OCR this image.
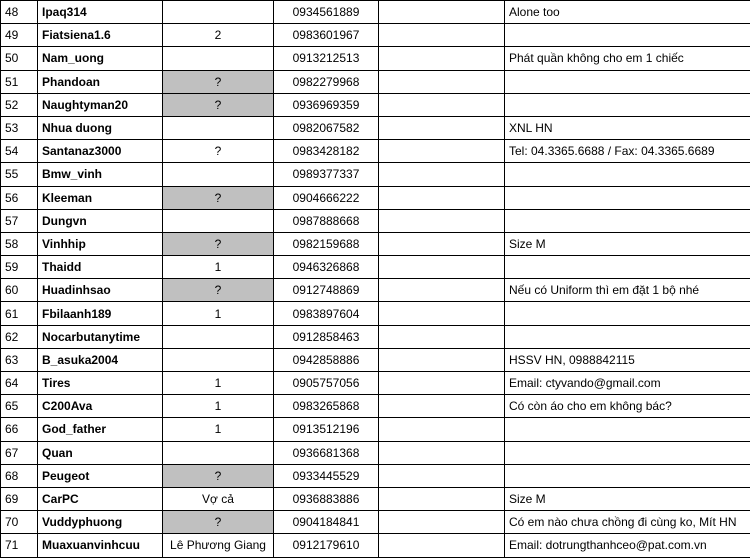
48	Ipaq314		0934561889		Alone too
49	Fiatsiena1.6	2	0983601967		
50	Nam_uong		0913212513		Phát quần không cho em 1 chiếc
51	Phandoan	?	0982279968		
52	Naughtyman20	?	0936969359		
53	Nhua duong		0982067582		XNL HN
54	Santanaz3000	?	0983428182		Tel: 04.3365.6688 / Fax: 04.3365.6689
55	Bmw_vinh		0989377337		
56	Kleeman	?	0904666222		
57	Dungvn		0987888668		
58	Vinhhip	?	0982159688		Size M
59	Thaidd	1	0946326868		
60	Huadinhsao	?	0912748869		Nếu có Uniform thì em đặt 1 bộ nhé
61	Fbilaanh189	1	0983897604		
62	Nocarbutanytime		0912858463		
63	B_asuka2004		0942858886		HSSV HN, 0988842115
64	Tires	1	0905757056		Email: ctyvando@gmail.com
65	C200Ava	1	0983265868		Có còn áo cho em không bác?
66	God_father	1	0913512196		
67	Quan		0936681368		
68	Peugeot	?	0933445529		
69	CarPC	Vợ cả	0936883886		Size M
70	Vuddyphuong	?	0904184841		Có em nào chưa chồng đi cùng ko, Mít HN
71	Muaxuanvinhcuu	Lê Phương Giang	0912179610		Email: dotrungthanhceo@pat.com.vn
